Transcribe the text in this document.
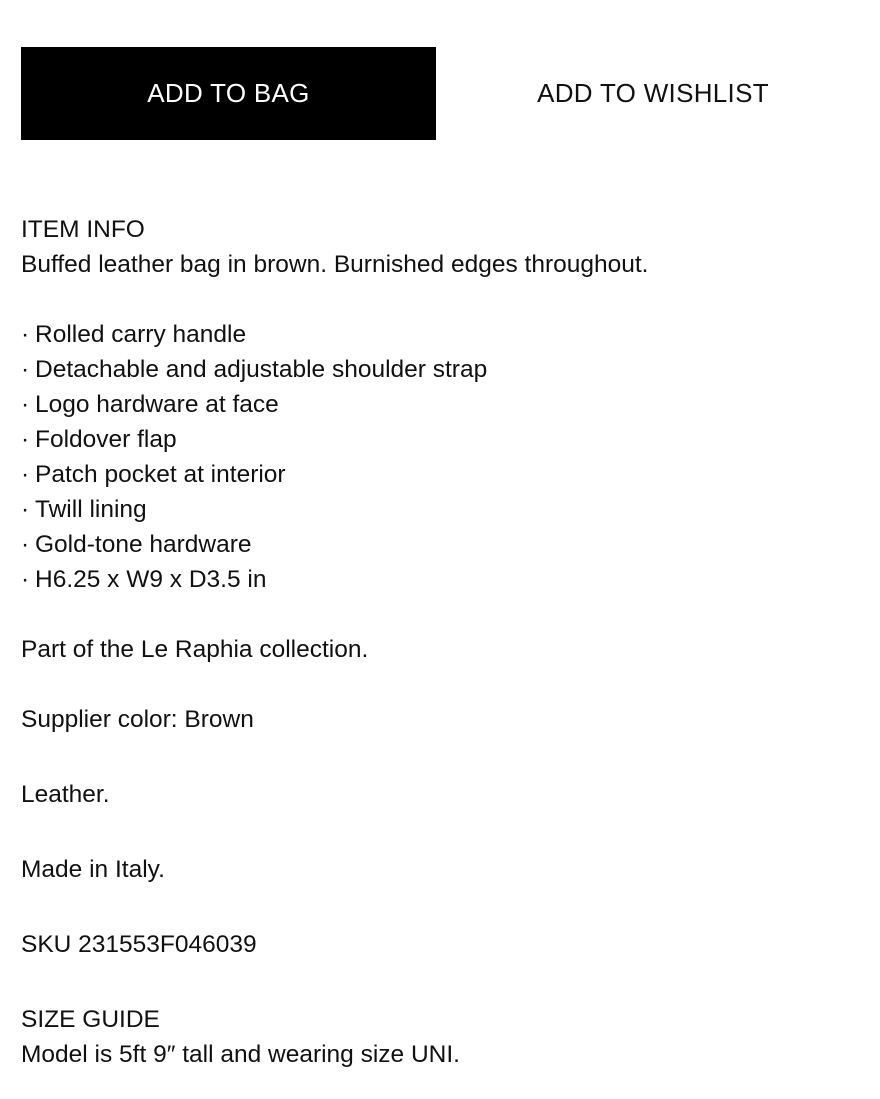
ADD TO BAG	ADD TO WISHLIST

ITEM INFO

Buffed leather bag in brown. Burnished edges throughout.

· Rolled carry handle
· Detachable and adjustable shoulder strap
· Logo hardware at face
· Foldover flap
· Patch pocket at interior
· Twill lining
· Gold-tone hardware
· H6.25 x W9 x D3.5 in

Part of the Le Raphia collection.

Supplier color: Brown

Leather.

Made in Italy.

SKU 231553F046039

SIZE GUIDE

Model is 5ft 9″ tall and wearing size UNI.
